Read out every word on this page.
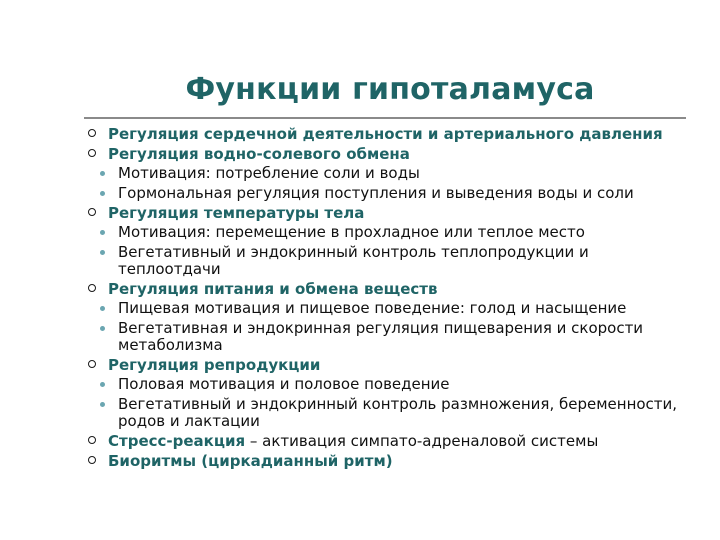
Функции гипоталамуса
Регуляция сердечной деятельности и артериального давления
Регуляция водно-солевого обмена
Мотивация: потребление соли и воды
Гормональная регуляция поступления и выведения воды и соли
Регуляция температуры тела
Мотивация: перемещение в прохладное или теплое место
Вегетативный и эндокринный контроль теплопродукции и теплоотдачи
Регуляция питания и обмена веществ
Пищевая мотивация и пищевое поведение: голод и насыщение
Вегетативная и эндокринная регуляция пищеварения и скорости метаболизма
Регуляция репродукции
Половая мотивация и половое поведение
Вегетативный и эндокринный контроль размножения, беременности, родов и лактации
Стресс-реакция – активация симпато-адреналовой системы
Биоритмы (циркадианный ритм)
